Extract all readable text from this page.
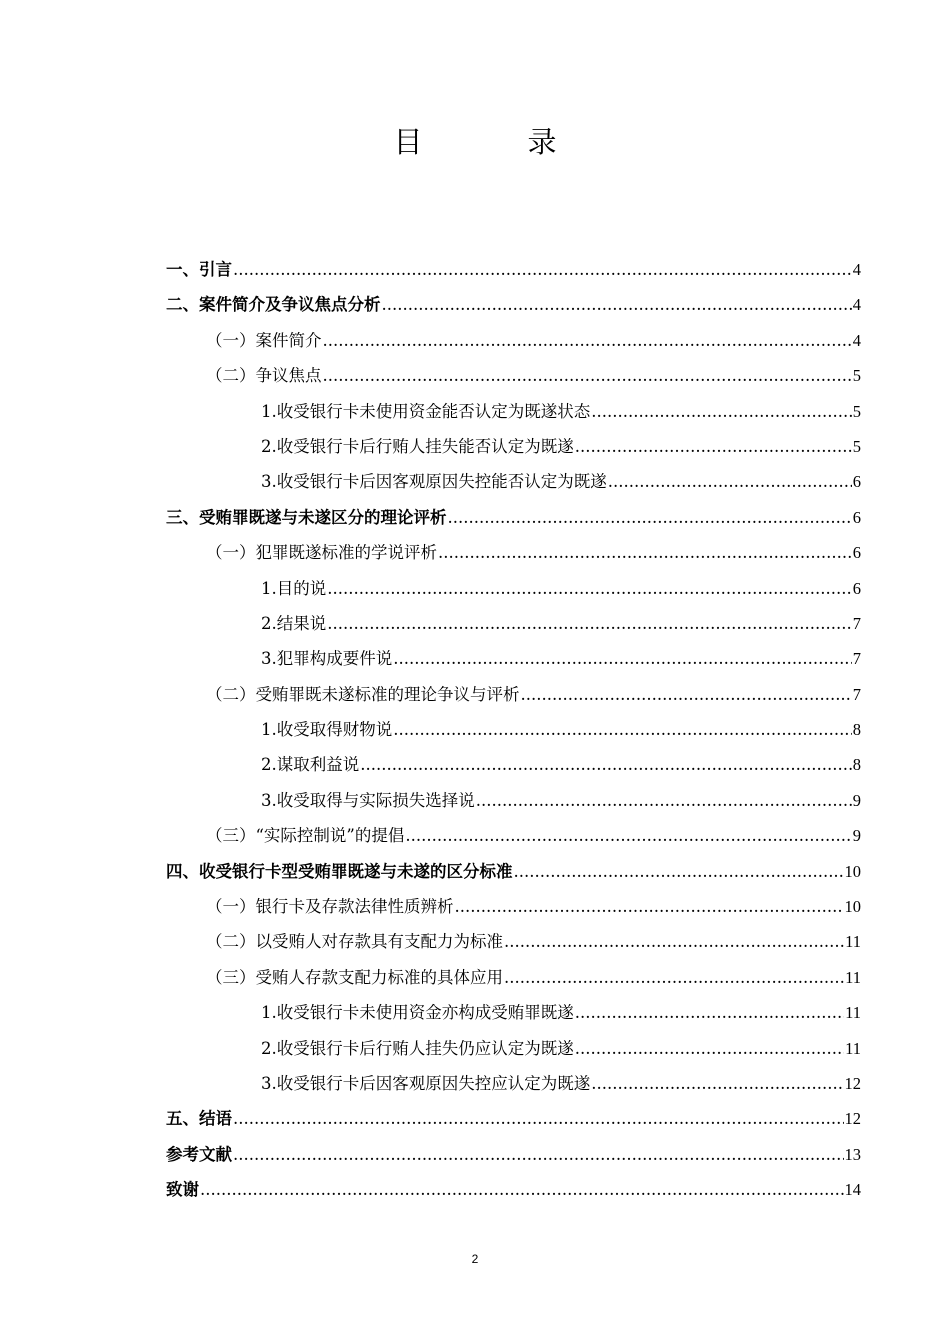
目　录
一、引言 .....	4
二、案件简介及争议焦点分析 .....	4
（一）案件简介 .....	4
（二）争议焦点 .....	5
1.收受银行卡未使用资金能否认定为既遂状态 .....	5
2.收受银行卡后行贿人挂失能否认定为既遂 .....	5
3.收受银行卡后因客观原因失控能否认定为既遂 .....	6
三、受贿罪既遂与未遂区分的理论评析 .....	6
（一）犯罪既遂标准的学说评析 .....	6
1.目的说 .....	6
2.结果说 .....	7
3.犯罪构成要件说 .....	7
（二）受贿罪既未遂标准的理论争议与评析 .....	7
1.收受取得财物说 .....	8
2.谋取利益说 .....	8
3.收受取得与实际损失选择说 .....	9
（三）“实际控制说”的提倡 .....	9
四、收受银行卡型受贿罪既遂与未遂的区分标准 .....	10
（一）银行卡及存款法律性质辨析 .....	10
（二）以受贿人对存款具有支配力为标准 .....	11
（三）受贿人存款支配力标准的具体应用 .....	11
1.收受银行卡未使用资金亦构成受贿罪既遂 .....	11
2.收受银行卡后行贿人挂失仍应认定为既遂 .....	11
3.收受银行卡后因客观原因失控应认定为既遂 .....	12
五、结语 .....	12
参考文献 .....	13
致谢 .....	14
2
